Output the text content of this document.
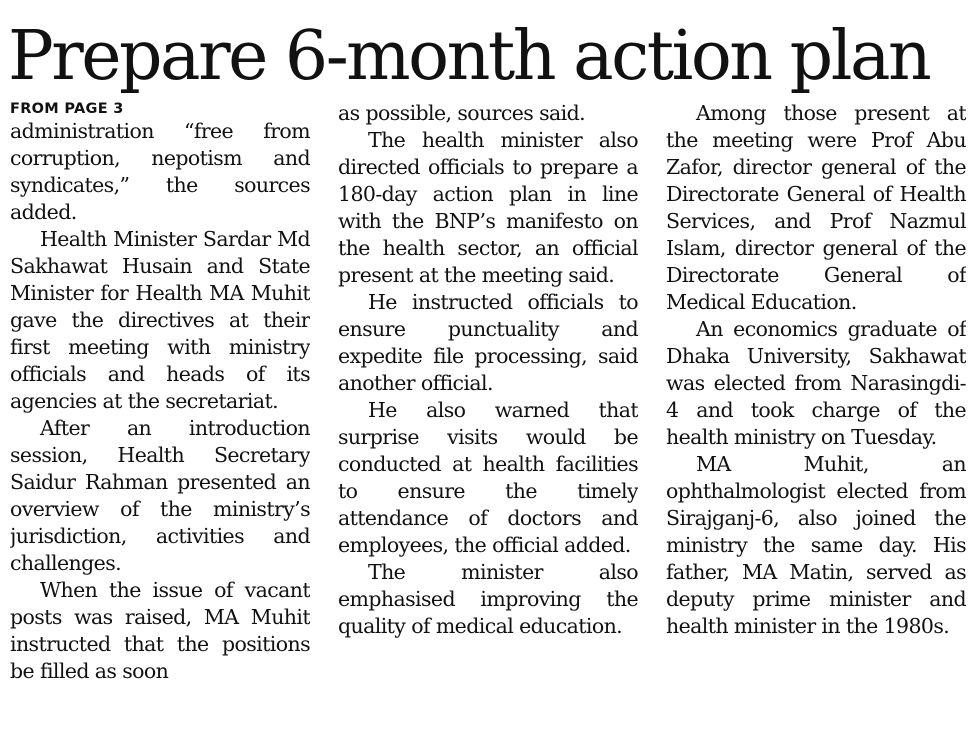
Prepare 6-month action plan
FROM PAGE 3

administration “free from corruption, nepotism and syndicates,” the sources added.

Health Minister Sardar Md Sakhawat Husain and State Minister for Health MA Muhit gave the directives at their first meeting with ministry officials and heads of its agencies at the secretariat.

After an introduction session, Health Secretary Saidur Rahman presented an overview of the ministry’s jurisdiction, activities and challenges.

When the issue of vacant posts was raised, MA Muhit instructed that the positions be filled as soon

as possible, sources said.

The health minister also directed officials to prepare a 180-day action plan in line with the BNP’s manifesto on the health sector, an official present at the meeting said.

He instructed officials to ensure punctuality and expedite file processing, said another official.

He also warned that surprise visits would be conducted at health facilities to ensure the timely attendance of doctors and employees, the official added.

The minister also emphasised improving the quality of medical education.

Among those present at the meeting were Prof Abu Zafor, director general of the Directorate General of Health Services, and Prof Nazmul Islam, director general of the Directorate General of Medical Education.

An economics graduate of Dhaka University, Sakhawat was elected from Narasingdi-4 and took charge of the health ministry on Tuesday.

MA Muhit, an ophthalmologist elected from Sirajganj-6, also joined the ministry the same day. His father, MA Matin, served as deputy prime minister and health minister in the 1980s.
